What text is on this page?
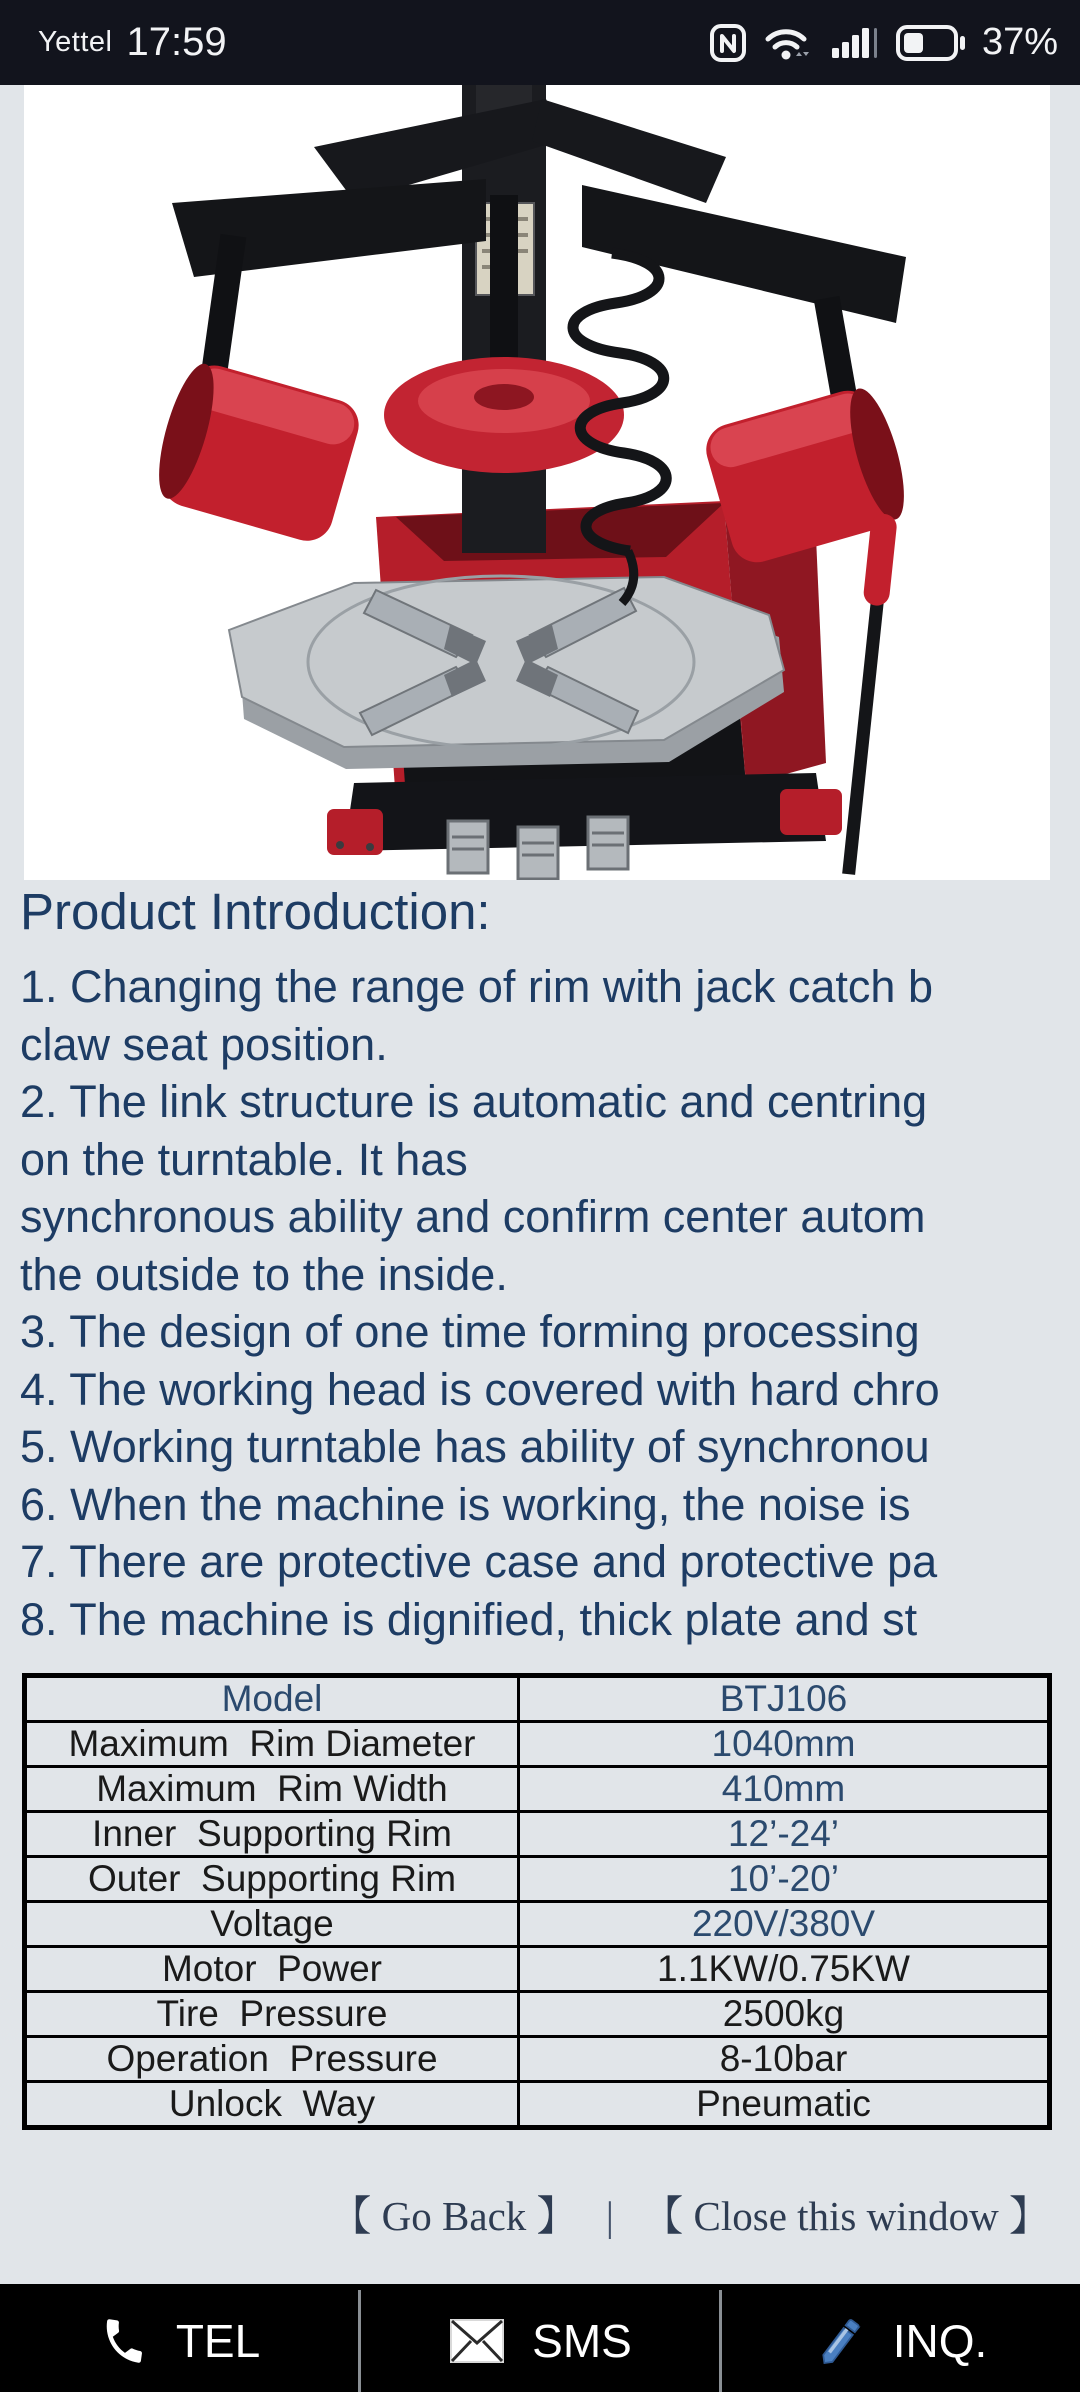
Yettel 17:59	37%
Product Introduction:
1. Changing the range of rim with jack catch b
claw seat position.
2. The link structure is automatic and centring
on the turntable. It has
synchronous ability and confirm center autom
the outside to the inside.
3. The design of one time forming processing
4. The working head is covered with hard chro
5. Working turntable has ability of synchronou
6. When the machine is working, the noise is
7. There are protective case and protective pa
8. The machine is dignified, thick plate and st
Model	BTJ106
Maximum  Rim Diameter	1040mm
Maximum  Rim Width	410mm
Inner  Supporting Rim	12’-24’
Outer  Supporting Rim	10’-20’
Voltage	220V/380V
Motor  Power	1.1KW/0.75KW
Tire  Pressure	2500kg
Operation  Pressure	8-10bar
Unlock  Way	Pneumatic
【 Go Back 】 | 【 Close this window 】
TEL	SMS	INQ.
